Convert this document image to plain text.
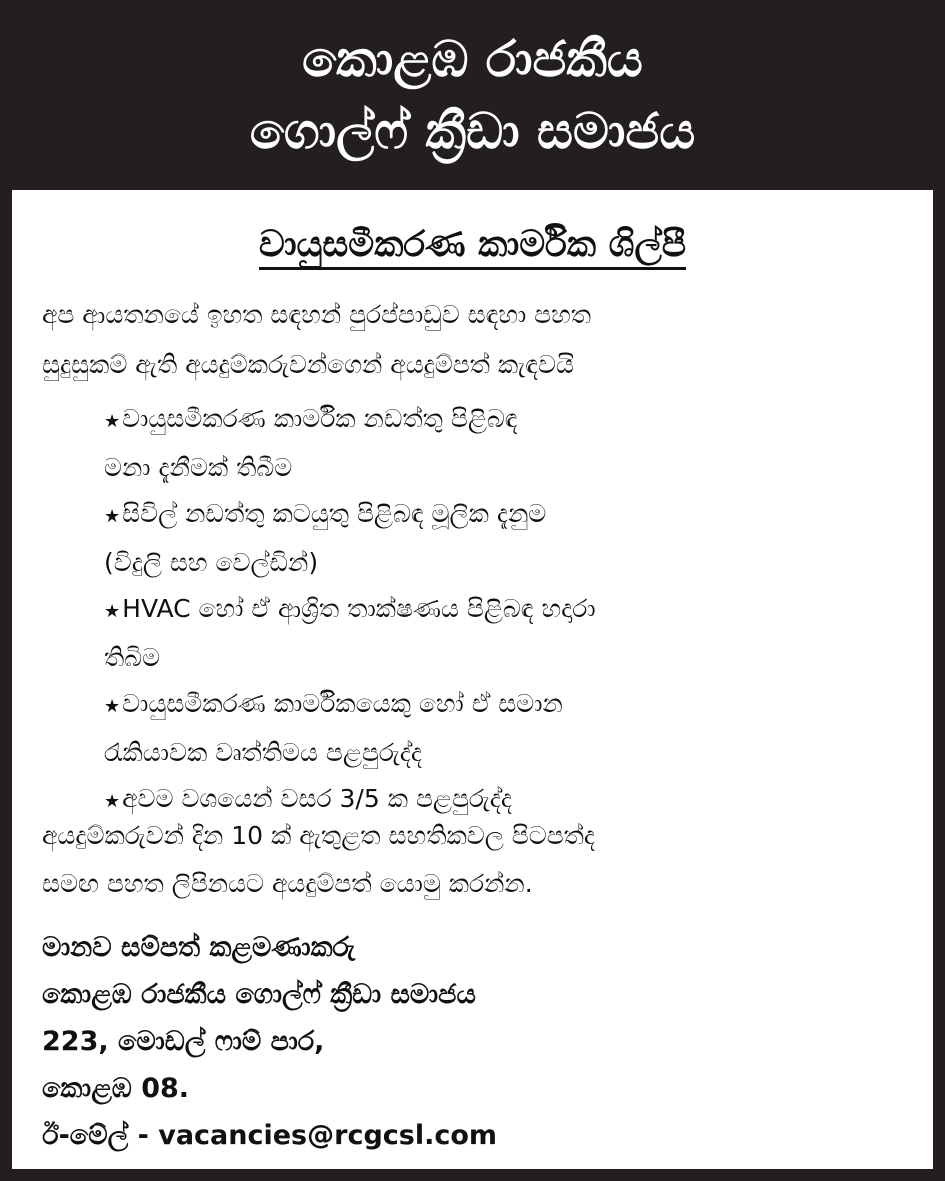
කොළඹ රාජකීය
ගොල්ෆ් ක්‍රීඩා සමාජය
වායුසමීකරණ කාර්මික ශිල්පී
අප ආයතනයේ ඉහත සඳහන් පුරප්පාඩුව සඳහා පහත
සුදුසුකම් ඇති අයදුම්කරුවන්ගෙන් අයදුම්පත් කැඳවයි
★වායුසමීකරණ කාර්මික නඩත්තු පිළිබඳ
මනා දැනීමක් තිබීම
★සිවිල් නඩත්තු කටයුතු පිළිබඳ මූලික දැනුම
(විදුලි සහ වෙල්ඩින්)
★HVAC හෝ ඒ ආශ්‍රිත තාක්ෂණය පිළිබඳ හදාරා
තිබිම
★වායුසමීකරණ කාර්මිකයෙකු හෝ ඒ සමාන
රැකියාවක වෘත්තිමය පළපුරුද්ද
★අවම වශයෙන් වසර 3/5 ක පළපුරුද්ද
අයදුම්කරුවන් දින 10 ක් ඇතුළත සහතිකවල පිටපත්ද
සමඟ පහත ලිපිනයට අයදුම්පත් යොමු කරන්න.
මානව සම්පත් කළමණාකරු
කොළඹ රාජකීය ගොල්ෆ් ක්‍රීඩා සමාජය
223, මොඩල් ෆාම් පාර,
කොළඹ 08.
ඊ-මේල් - vacancies@rcgcsl.com
